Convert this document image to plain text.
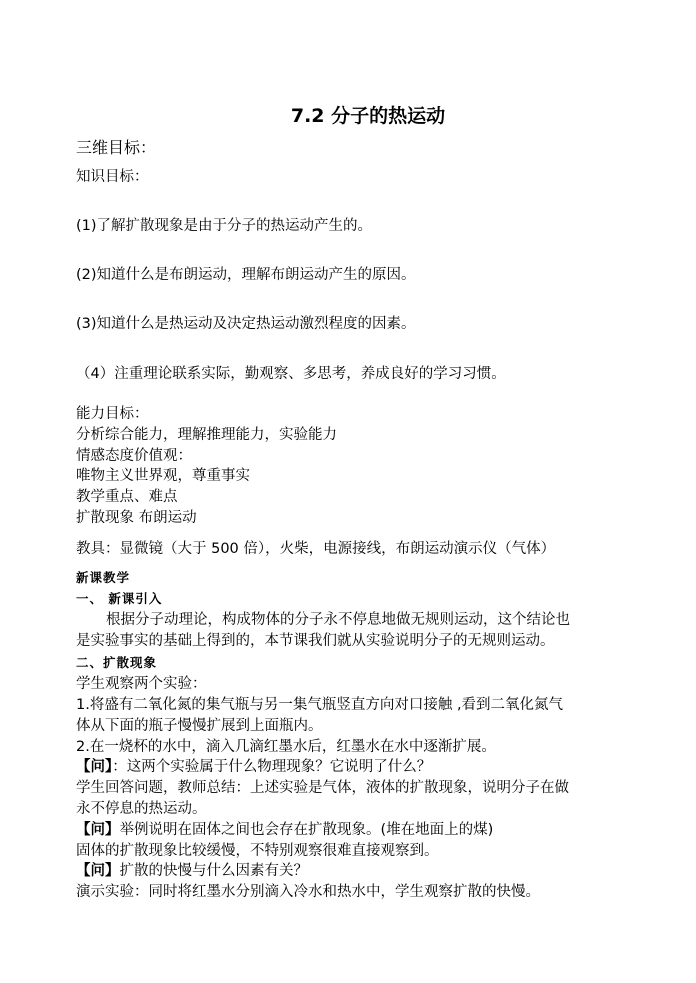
7.2 分子的热运动
三维目标：
知识目标：
(1)了解扩散现象是由于分子的热运动产生的。
(2)知道什么是布朗运动，理解布朗运动产生的原因。
(3)知道什么是热运动及决定热运动激烈程度的因素。
（4）注重理论联系实际，勤观察、多思考，养成良好的学习习惯。
能力目标：
分析综合能力，理解推理能力，实验能力
情感态度价值观：
唯物主义世界观，尊重事实
教学重点、难点
扩散现象 布朗运动
教具：显微镜（大于 500 倍），火柴，电源接线，布朗运动演示仪（气体）
新课教学
一、 新课引入
根据分子动理论，构成物体的分子永不停息地做无规则运动，这个结论也
是实验事实的基础上得到的，本节课我们就从实验说明分子的无规则运动。
二、扩散现象
学生观察两个实验：
1.将盛有二氧化氮的集气瓶与另一集气瓶竖直方向对口接触 ,看到二氧化氮气
体从下面的瓶子慢慢扩展到上面瓶内。
2.在一烧杯的水中，滴入几滴红墨水后，红墨水在水中逐渐扩展。
【问】：这两个实验属于什么物理现象？它说明了什么？
学生回答问题，教师总结：上述实验是气体，液体的扩散现象，说明分子在做
永不停息的热运动。
【问】举例说明在固体之间也会存在扩散现象。(堆在地面上的煤)
固体的扩散现象比较缓慢，不特别观察很难直接观察到。
【问】扩散的快慢与什么因素有关？
演示实验：同时将红墨水分别滴入冷水和热水中，学生观察扩散的快慢。
